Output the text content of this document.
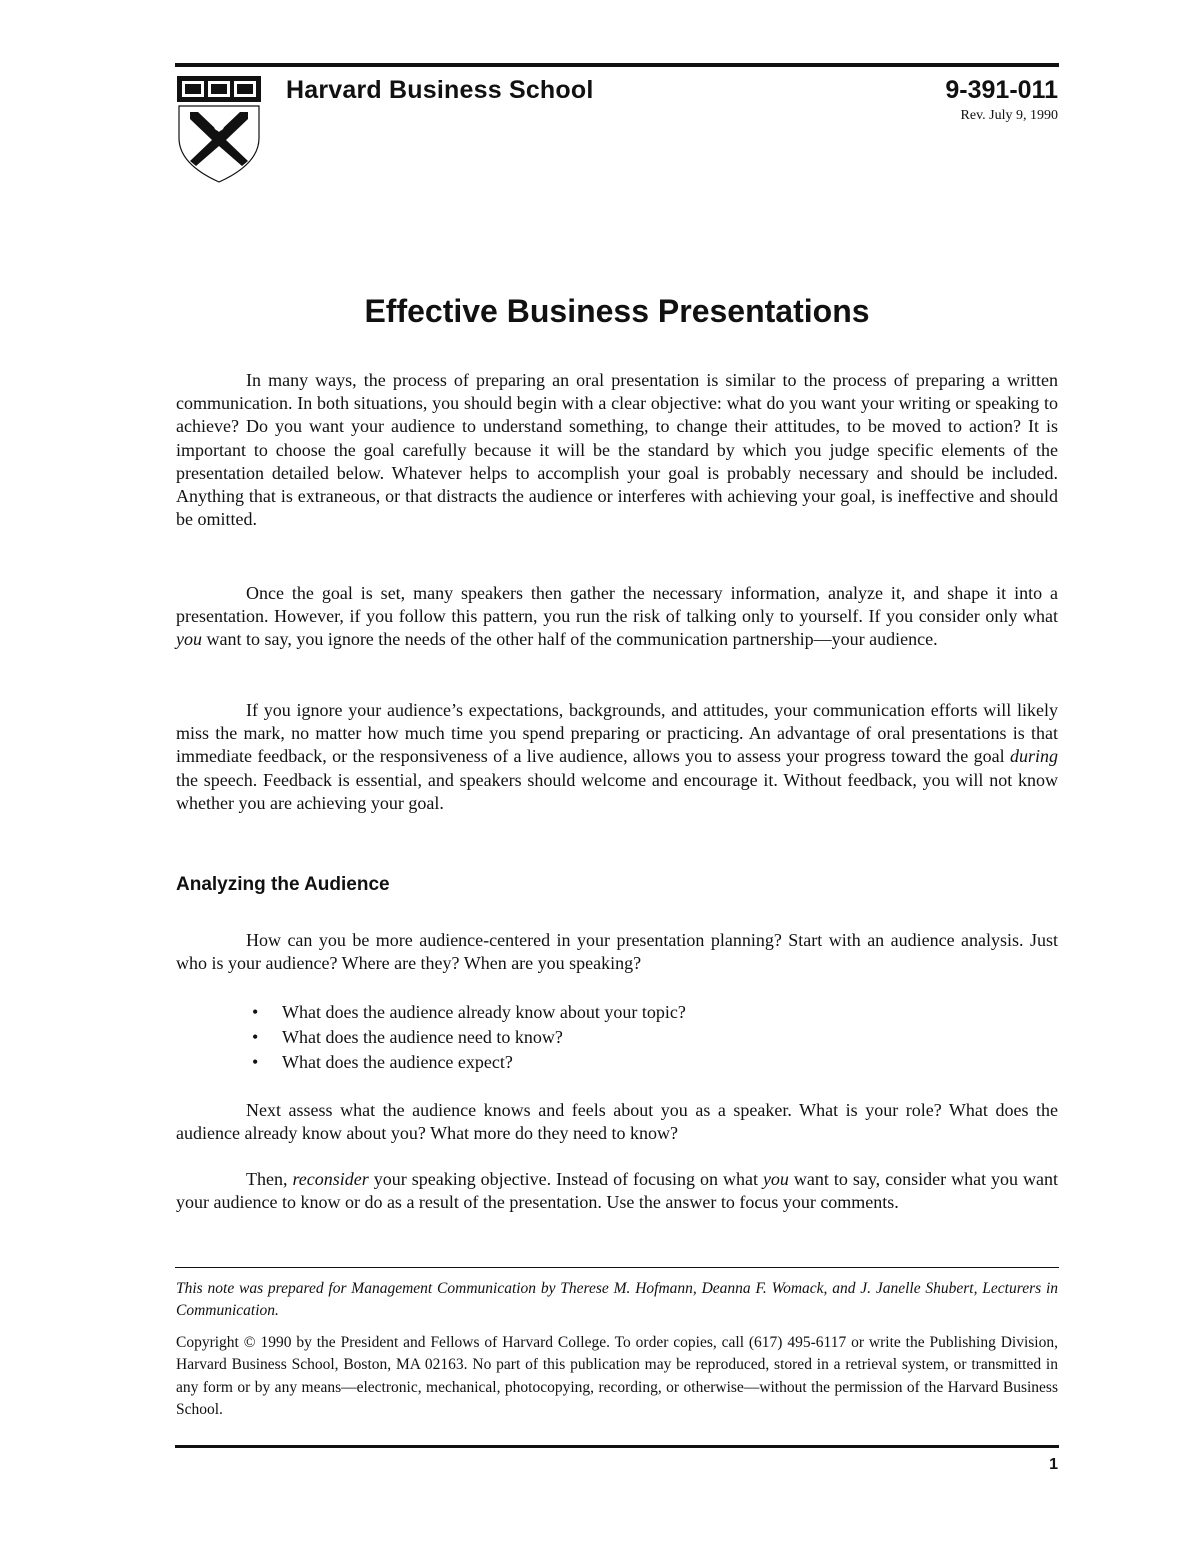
Harvard Business School	9-391-011
Rev. July 9, 1990
Effective Business Presentations

In many ways, the process of preparing an oral presentation is similar to the process of preparing a written communication. In both situations, you should begin with a clear objective: what do you want your writing or speaking to achieve? Do you want your audience to understand something, to change their attitudes, to be moved to action? It is important to choose the goal carefully because it will be the standard by which you judge specific elements of the presentation detailed below. Whatever helps to accomplish your goal is probably necessary and should be included. Anything that is extraneous, or that distracts the audience or interferes with achieving your goal, is ineffective and should be omitted.

Once the goal is set, many speakers then gather the necessary information, analyze it, and shape it into a presentation. However, if you follow this pattern, you run the risk of talking only to yourself. If you consider only what you want to say, you ignore the needs of the other half of the communication partnership—your audience.

If you ignore your audience’s expectations, backgrounds, and attitudes, your communication efforts will likely miss the mark, no matter how much time you spend preparing or practicing. An advantage of oral presentations is that immediate feedback, or the responsiveness of a live audience, allows you to assess your progress toward the goal during the speech. Feedback is essential, and speakers should welcome and encourage it. Without feedback, you will not know whether you are achieving your goal.

Analyzing the Audience

How can you be more audience-centered in your presentation planning? Start with an audience analysis. Just who is your audience? Where are they? When are you speaking?

• What does the audience already know about your topic?
• What does the audience need to know?
• What does the audience expect?

Next assess what the audience knows and feels about you as a speaker. What is your role? What does the audience already know about you? What more do they need to know?

Then, reconsider your speaking objective. Instead of focusing on what you want to say, consider what you want your audience to know or do as a result of the presentation. Use the answer to focus your comments.

This note was prepared for Management Communication by Therese M. Hofmann, Deanna F. Womack, and J. Janelle Shubert, Lecturers in Communication.
Copyright © 1990 by the President and Fellows of Harvard College. To order copies, call (617) 495-6117 or write the Publishing Division, Harvard Business School, Boston, MA 02163. No part of this publication may be reproduced, stored in a retrieval system, or transmitted in any form or by any means—electronic, mechanical, photocopying, recording, or otherwise—without the permission of the Harvard Business School.
1
